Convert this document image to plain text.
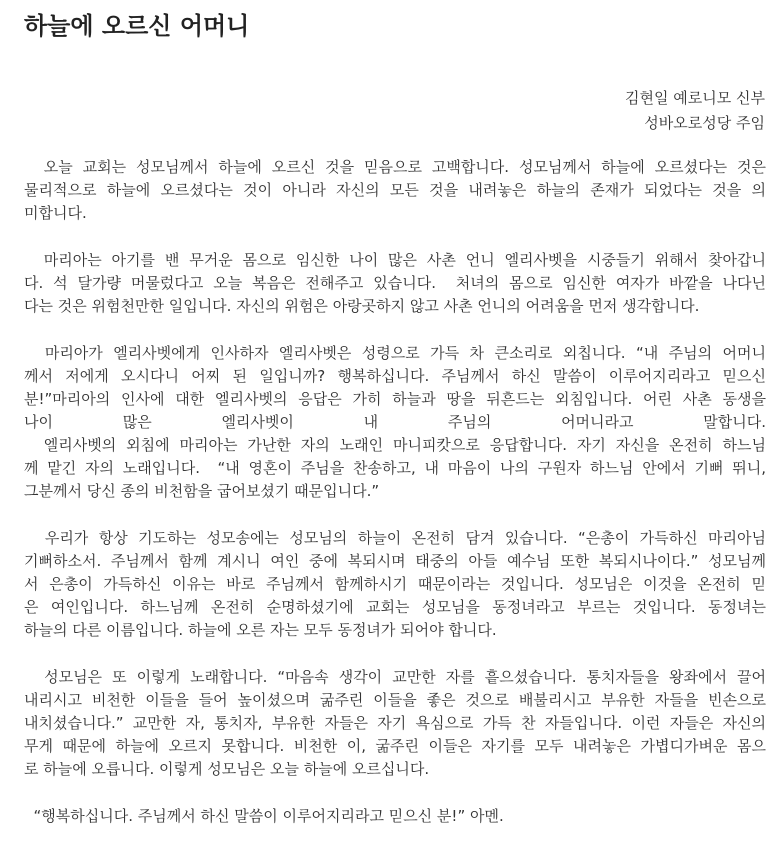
하늘에 오르신 어머니
김현일 예로니모 신부
성바오로성당 주임
오늘 교회는 성모님께서 하늘에 오르신 것을 믿음으로 고백합니다. 성모님께서 하늘에 오르셨다는 것은
물리적으로 하늘에 오르셨다는 것이 아니라 자신의 모든 것을 내려놓은 하늘의 존재가 되었다는 것을 의
미합니다.
마리아는 아기를 밴 무거운 몸으로 임신한 나이 많은 사촌 언니 엘리사벳을 시중들기 위해서 찾아갑니
다. 석 달가량 머물렀다고 오늘 복음은 전해주고 있습니다.  처녀의 몸으로 임신한 여자가 바깥을 나다닌
다는 것은 위험천만한 일입니다. 자신의 위험은 아랑곳하지 않고 사촌 언니의 어려움을 먼저 생각합니다.
마리아가 엘리사벳에게 인사하자 엘리사벳은 성령으로 가득 차 큰소리로 외칩니다. “내 주님의 어머니
께서 저에게 오시다니 어찌 된 일입니까? 행복하십니다. 주님께서 하신 말씀이 이루어지리라고 믿으신
분!”마리아의 인사에 대한 엘리사벳의 응답은 가히 하늘과 땅을 뒤흔드는 외침입니다. 어린 사촌 동생을
나이 많은 엘리사벳이 내 주님의 어머니라고 말합니다.
엘리사벳의 외침에 마리아는 가난한 자의 노래인 마니피캇으로 응답합니다. 자기 자신을 온전히 하느님
께 맡긴 자의 노래입니다.  “내 영혼이 주님을 찬송하고, 내 마음이 나의 구원자 하느님 안에서 기뻐 뛰니,
그분께서 당신 종의 비천함을 굽어보셨기 때문입니다.”
우리가 항상 기도하는 성모송에는 성모님의 하늘이 온전히 담겨 있습니다. “은총이 가득하신 마리아님
기뻐하소서. 주님께서 함께 계시니 여인 중에 복되시며 태중의 아들 예수님 또한 복되시나이다.” 성모님께
서 은총이 가득하신 이유는 바로 주님께서 함께하시기 때문이라는 것입니다. 성모님은 이것을 온전히 믿
은 여인입니다. 하느님께 온전히 순명하셨기에 교회는 성모님을 동정녀라고 부르는 것입니다. 동정녀는
하늘의 다른 이름입니다. 하늘에 오른 자는 모두 동정녀가 되어야 합니다.
성모님은 또 이렇게 노래합니다. “마음속 생각이 교만한 자를 흩으셨습니다. 통치자들을 왕좌에서 끌어
내리시고 비천한 이들을 들어 높이셨으며 굶주린 이들을 좋은 것으로 배불리시고 부유한 자들을 빈손으로
내치셨습니다.” 교만한 자, 통치자, 부유한 자들은 자기 욕심으로 가득 찬 자들입니다. 이런 자들은 자신의
무게 때문에 하늘에 오르지 못합니다. 비천한 이, 굶주린 이들은 자기를 모두 내려놓은 가볍디가벼운 몸으
로 하늘에 오릅니다. 이렇게 성모님은 오늘 하늘에 오르십니다.
“행복하십니다. 주님께서 하신 말씀이 이루어지리라고 믿으신 분!” 아멘.
